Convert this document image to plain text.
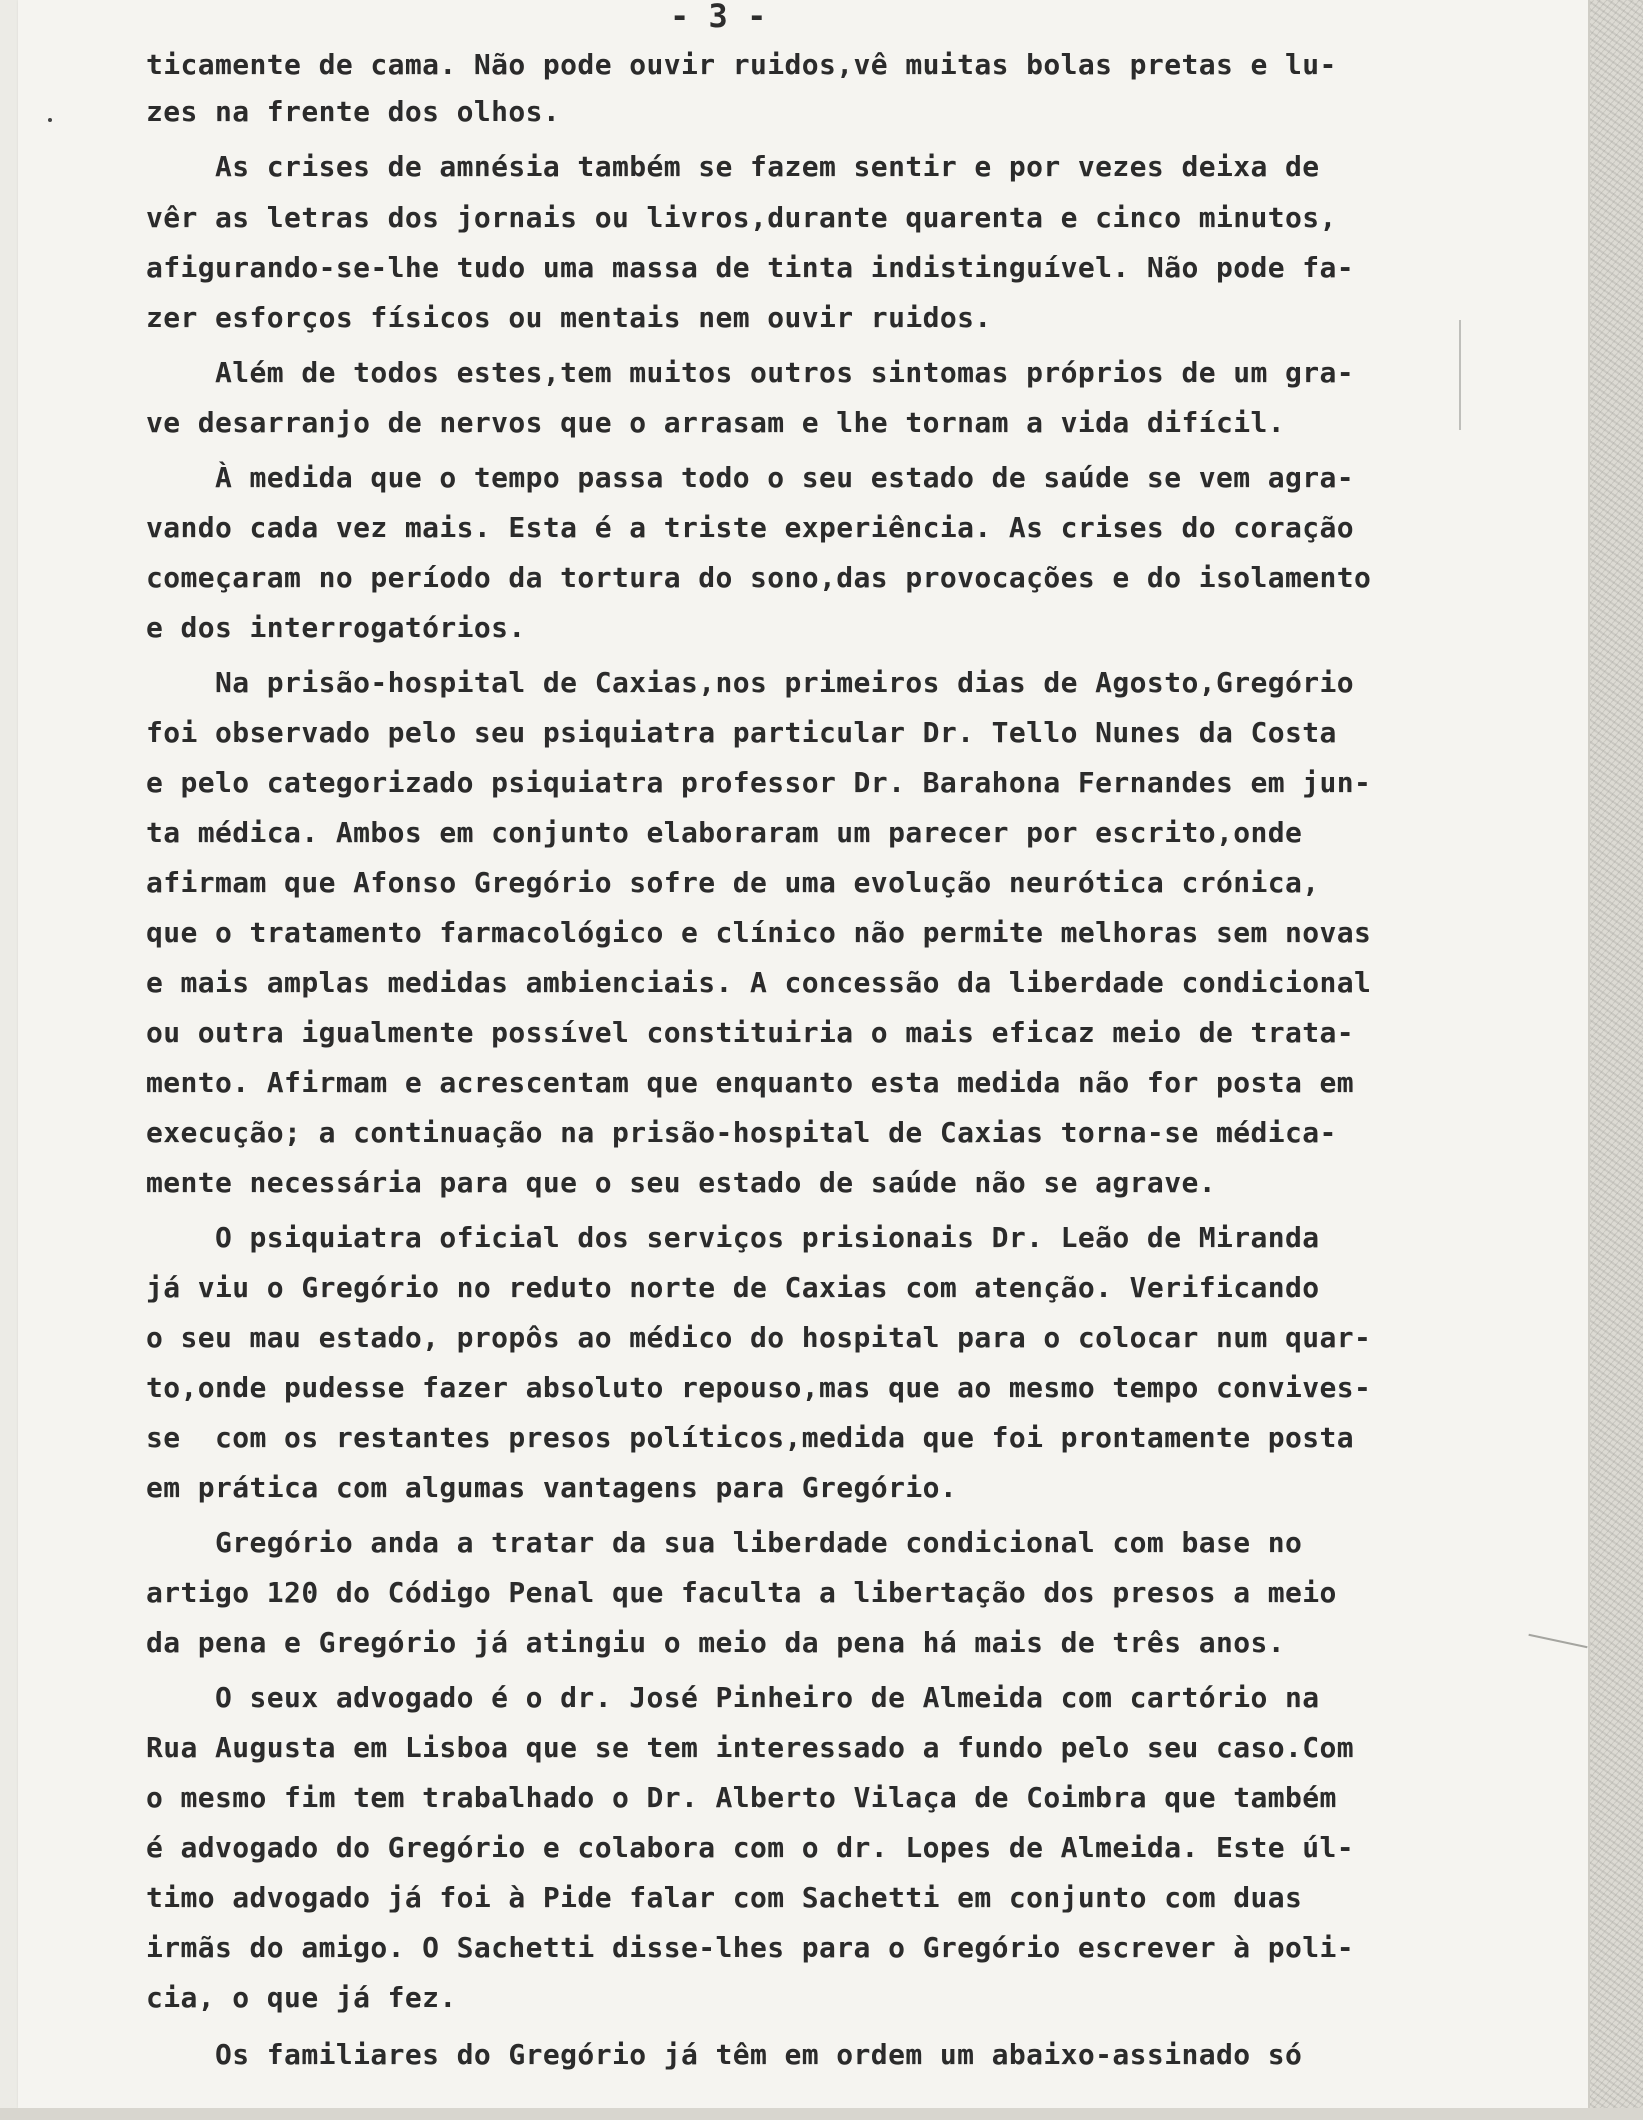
- 3 -

ticamente de cama. Não pode ouvir ruidos,vê muitas bolas pretas e lu-

zes na frente dos olhos.

As crises de amnésia também se fazem sentir e por vezes deixa de

vêr as letras dos jornais ou livros,durante quarenta e cinco minutos,

afigurando-se-lhe tudo uma massa de tinta indistinguível. Não pode fa-

zer esforços físicos ou mentais nem ouvir ruidos.

Além de todos estes,tem muitos outros sintomas próprios de um gra-

ve desarranjo de nervos que o arrasam e lhe tornam a vida difícil.

À medida que o tempo passa todo o seu estado de saúde se vem agra-

vando cada vez mais. Esta é a triste experiência. As crises do coração

começaram no período da tortura do sono,das provocações e do isolamento

e dos interrogatórios.

Na prisão-hospital de Caxias,nos primeiros dias de Agosto,Gregório

foi observado pelo seu psiquiatra particular Dr. Tello Nunes da Costa

e pelo categorizado psiquiatra professor Dr. Barahona Fernandes em jun-

ta médica. Ambos em conjunto elaboraram um parecer por escrito,onde

afirmam que Afonso Gregório sofre de uma evolução neurótica crónica,

que o tratamento farmacológico e clínico não permite melhoras sem novas

e mais amplas medidas ambienciais. A concessão da liberdade condicional

ou outra igualmente possível constituiria o mais eficaz meio de trata-

mento. Afirmam e acrescentam que enquanto esta medida não for posta em

execução; a continuação na prisão-hospital de Caxias torna-se médica-

mente necessária para que o seu estado de saúde não se agrave.

O psiquiatra oficial dos serviços prisionais Dr. Leão de Miranda

já viu o Gregório no reduto norte de Caxias com atenção. Verificando

o seu mau estado, propôs ao médico do hospital para o colocar num quar-

to,onde pudesse fazer absoluto repouso,mas que ao mesmo tempo convives-

se  com os restantes presos políticos,medida que foi prontamente posta

em prática com algumas vantagens para Gregório.

Gregório anda a tratar da sua liberdade condicional com base no

artigo 120 do Código Penal que faculta a libertação dos presos a meio

da pena e Gregório já atingiu o meio da pena há mais de três anos.

O seux advogado é o dr. José Pinheiro de Almeida com cartório na

Rua Augusta em Lisboa que se tem interessado a fundo pelo seu caso.Com

o mesmo fim tem trabalhado o Dr. Alberto Vilaça de Coimbra que também

é advogado do Gregório e colabora com o dr. Lopes de Almeida. Este úl-

timo advogado já foi à Pide falar com Sachetti em conjunto com duas

irmãs do amigo. O Sachetti disse-lhes para o Gregório escrever à poli-

cia, o que já fez.

Os familiares do Gregório já têm em ordem um abaixo-assinado só
